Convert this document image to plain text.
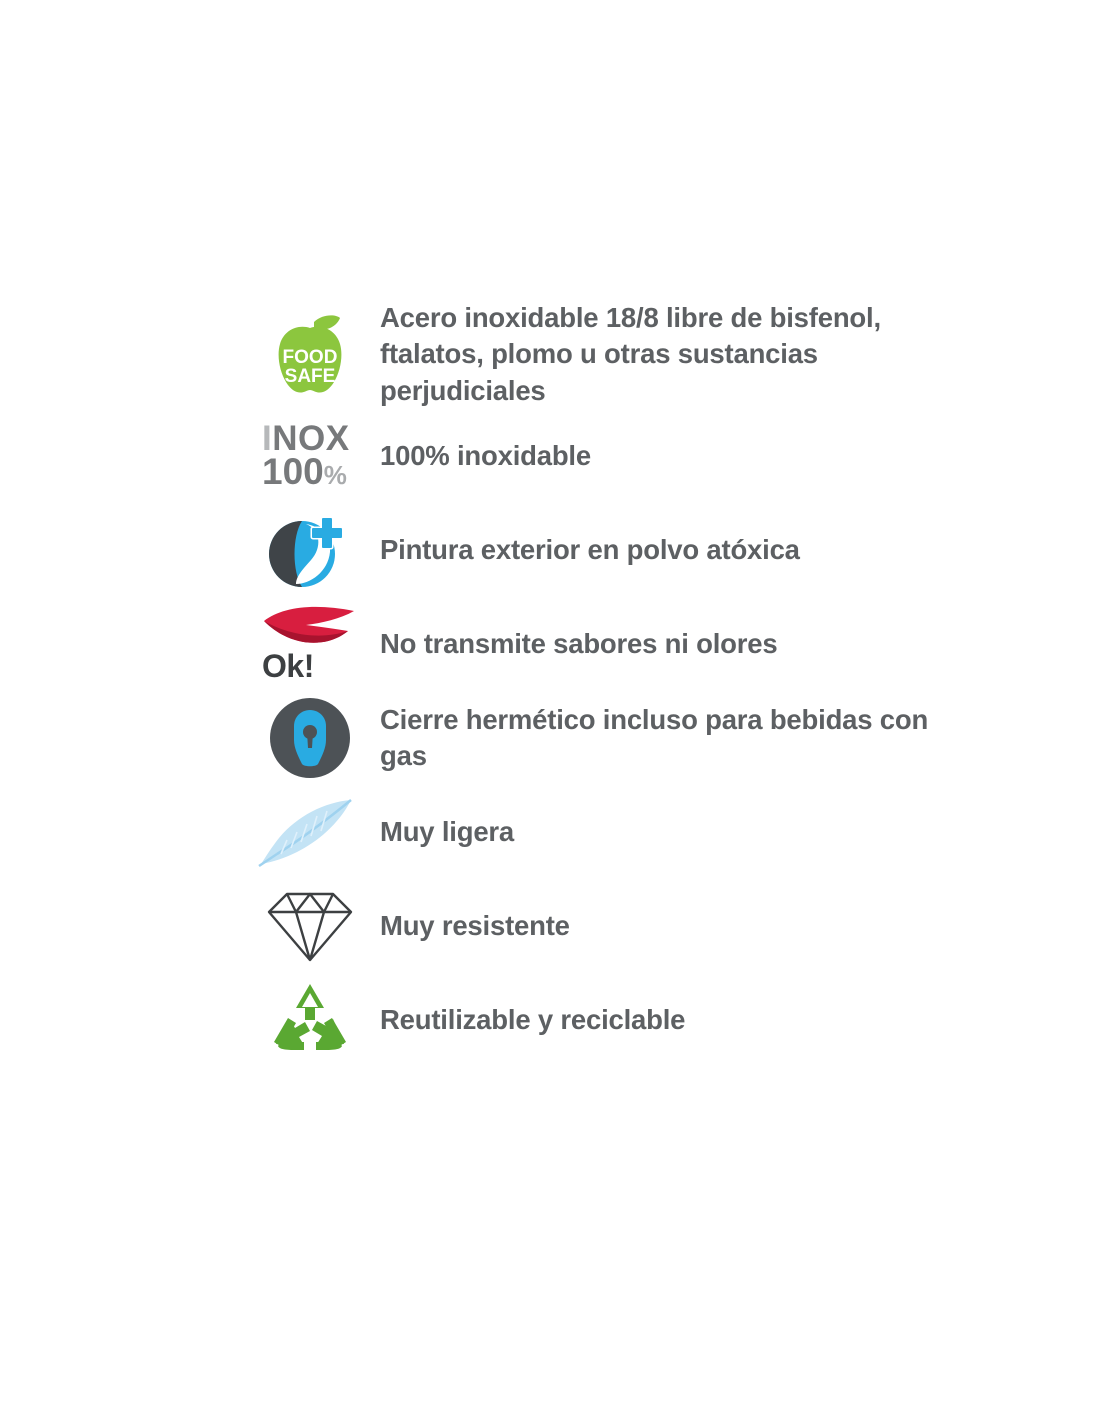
FOOD
SAFE
Acero inoxidable 18/8 libre de bisfenol, ftalatos, plomo u otras sustancias perjudiciales
INOX
100%
100% inoxidable
Pintura exterior en polvo atóxica
Ok!
No transmite sabores ni olores
Cierre hermético incluso para bebidas con gas
Muy ligera
Muy resistente
Reutilizable y reciclable
